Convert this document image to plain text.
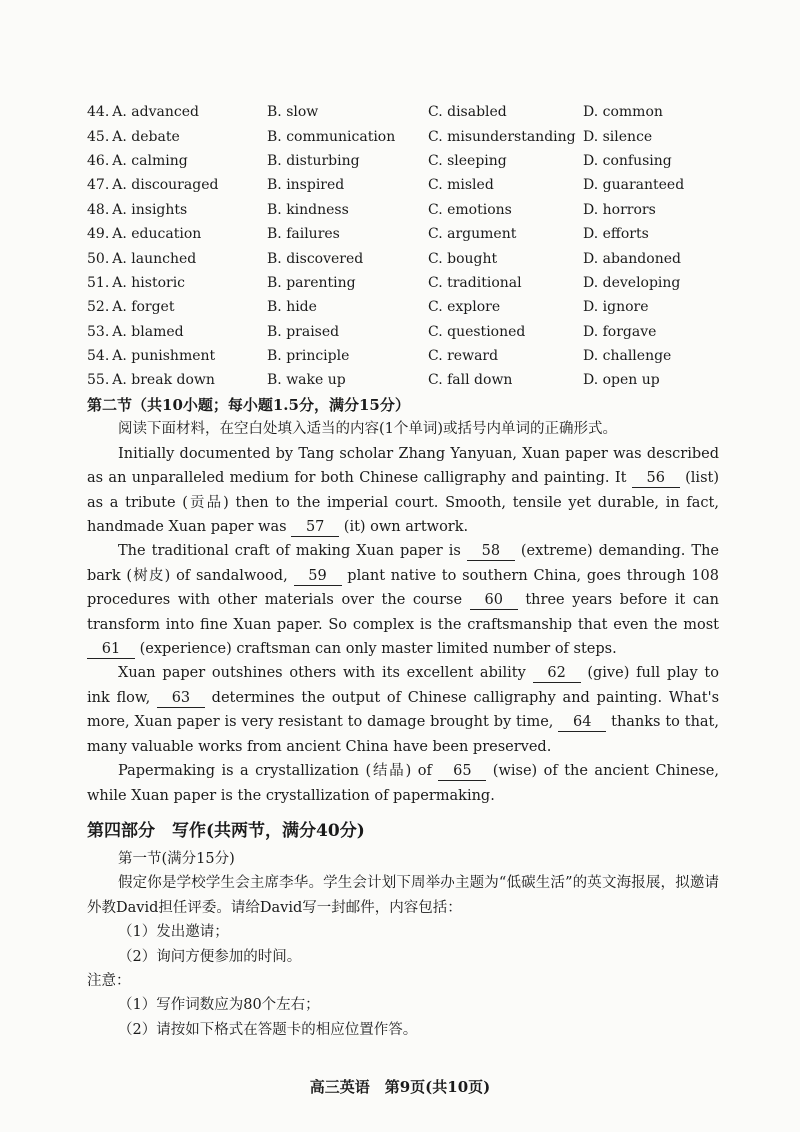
44. A. advanced	B. slow	C. disabled	D. common
45. A. debate	B. communication	C. misunderstanding D. silence
46. A. calming	B. disturbing	C. sleeping	D. confusing
47. A. discouraged	B. inspired	C. misled	D. guaranteed
48. A. insights	B. kindness	C. emotions	D. horrors
49. A. education	B. failures	C. argument	D. efforts
50. A. launched	B. discovered	C. bought	D. abandoned
51. A. historic	B. parenting	C. traditional	D. developing
52. A. forget	B. hide	C. explore	D. ignore
53. A. blamed	B. praised	C. questioned	D. forgave
54. A. punishment	B. principle	C. reward	D. challenge
55. A. break down	B. wake up	C. fall down	D. open up
第二节（共10小题；每小题1.5分，满分15分）

阅读下面材料，在空白处填入适当的内容(1个单词)或括号内单词的正确形式。

Initially documented by Tang scholar Zhang Yanyuan, Xuan paper was described as an unparalleled medium for both Chinese calligraphy and painting. It 56 (list) as a tribute (贡品) then to the imperial court. Smooth, tensile yet durable, in fact, handmade Xuan paper was 57 (it) own artwork.

The traditional craft of making Xuan paper is 58 (extreme) demanding. The bark (树皮) of sandalwood, 59 plant native to southern China, goes through 108 procedures with other materials over the course 60 three years before it can transform into fine Xuan paper. So complex is the craftsmanship that even the most 61 (experience) craftsman can only master limited number of steps.

Xuan paper outshines others with its excellent ability 62 (give) full play to ink flow, 63 determines the output of Chinese calligraphy and painting. What's more, Xuan paper is very resistant to damage brought by time, 64 thanks to that, many valuable works from ancient China have been preserved.

Papermaking is a crystallization (结晶) of 65 (wise) of the ancient Chinese, while Xuan paper is the crystallization of papermaking.

第四部分　写作(共两节，满分40分)

第一节(满分15分)

假定你是学校学生会主席李华。学生会计划下周举办主题为“低碳生活”的英文海报展，拟邀请外教David担任评委。请给David写一封邮件，内容包括：

（1）发出邀请；

（2）询问方便参加的时间。

注意：

（1）写作词数应为80个左右；

（2）请按如下格式在答题卡的相应位置作答。

高三英语　第9页(共10页)
